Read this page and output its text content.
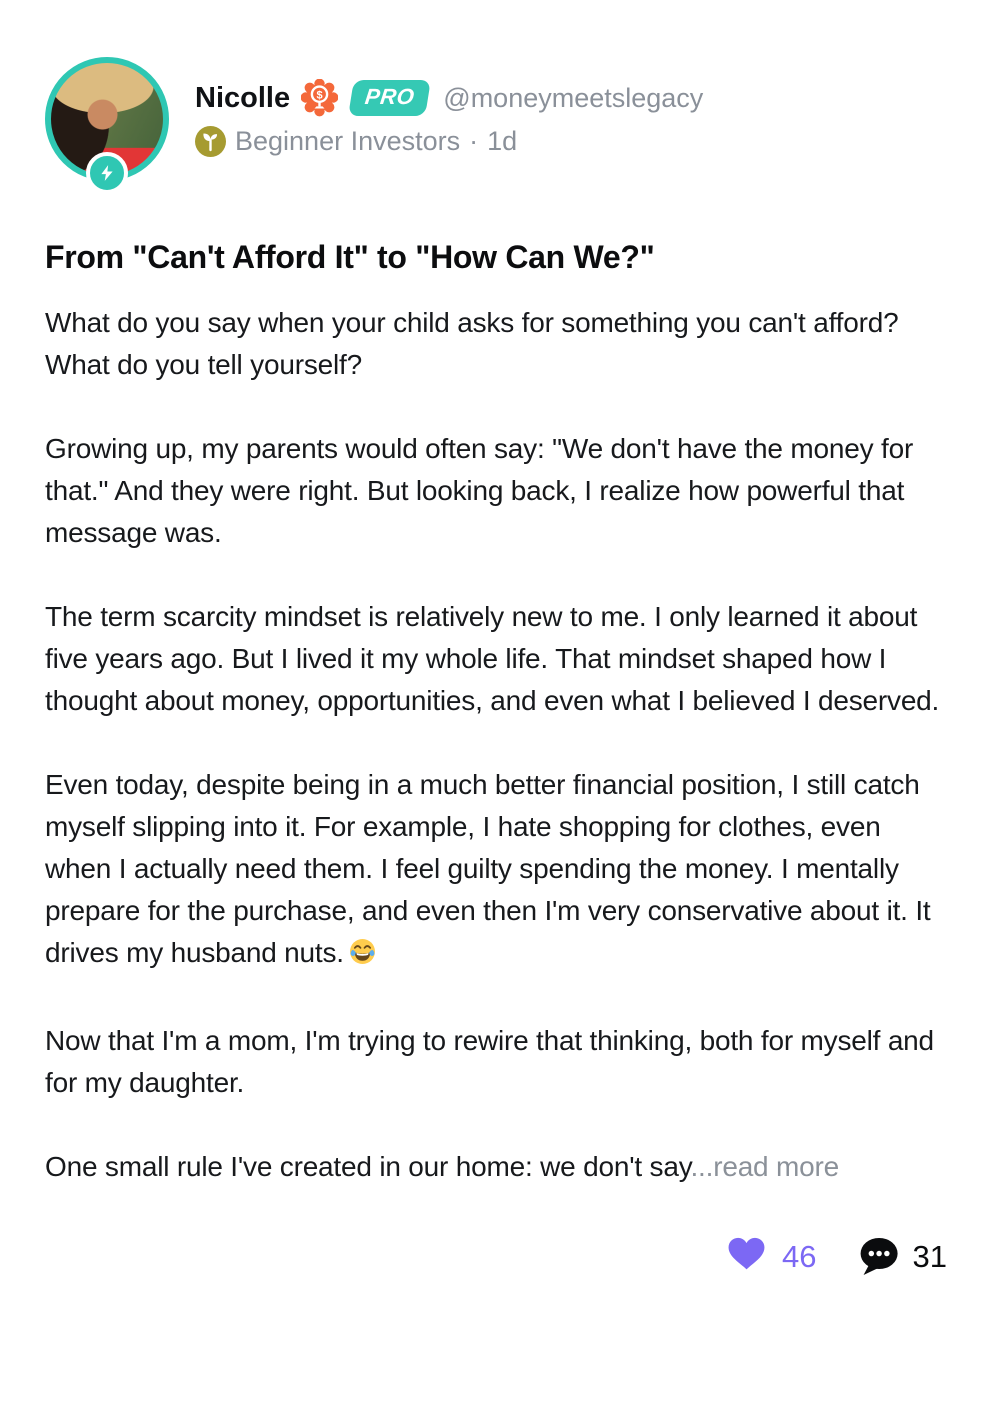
Nicolle $	PRO	@moneymeetslegacy
Beginner Investors · 1d
From "Can't Afford It" to "How Can We?"

What do you say when your child asks for something you can't afford? What do you tell yourself?

Growing up, my parents would often say: "We don't have the money for that." And they were right. But looking back, I realize how powerful that message was.

The term scarcity mindset is relatively new to me. I only learned it about five years ago. But I lived it my whole life. That mindset shaped how I thought about money, opportunities, and even what I believed I deserved.

Even today, despite being in a much better financial position, I still catch myself slipping into it. For example, I hate shopping for clothes, even when I actually need them. I feel guilty spending the money. I mentally prepare for the purchase, and even then I'm very conservative about it. It drives my husband nuts.

Now that I'm a mom, I'm trying to rewire that thinking, both for myself and for my daughter.

One small rule I've created in our home: we don't say...read more

46	31
